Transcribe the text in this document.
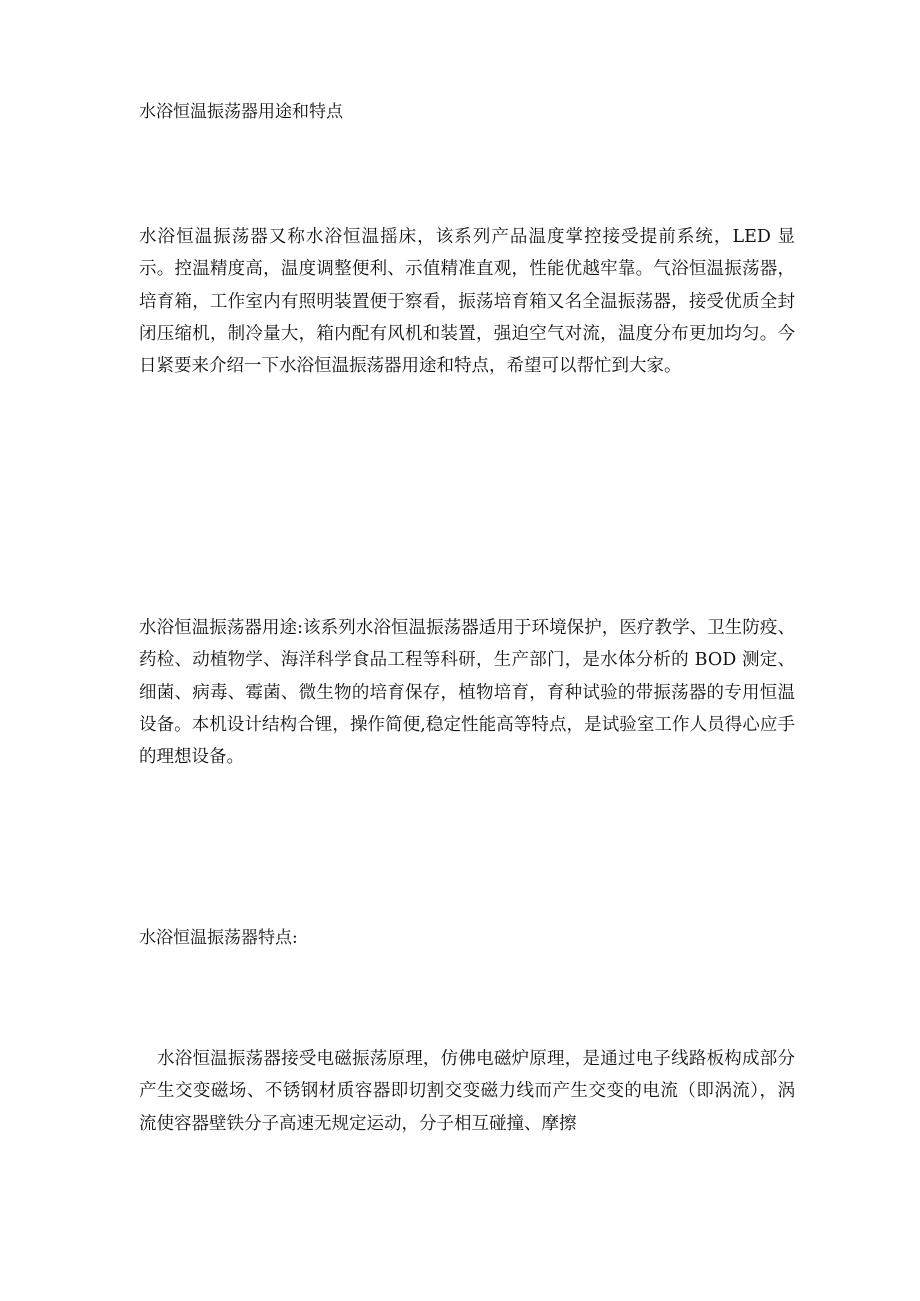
水浴恒温振荡器用途和特点

水浴恒温振荡器又称水浴恒温摇床，该系列产品温度掌控接受提前系统，LED 显示。控温精度高，温度调整便利、示值精准直观，性能优越牢靠。气浴恒温振荡器，培育箱，工作室内有照明装置便于察看，振荡培育箱又名全温振荡器，接受优质全封闭压缩机，制冷量大，箱内配有风机和装置，强迫空气对流，温度分布更加均匀。今日紧要来介绍一下水浴恒温振荡器用途和特点，希望可以帮忙到大家。

水浴恒温振荡器用途:该系列水浴恒温振荡器适用于环境保护，医疗教学、卫生防疫、药检、动植物学、海洋科学食品工程等科研，生产部门，是水体分析的 BOD 测定、细菌、病毒、霉菌、微生物的培育保存，植物培育，育种试验的带振荡器的专用恒温设备。本机设计结构合锂，操作简便,稳定性能高等特点，是试验室工作人员得心应手的理想设备。

水浴恒温振荡器特点:

水浴恒温振荡器接受电磁振荡原理，仿佛电磁炉原理，是通过电子线路板构成部分产生交变磁场、不锈钢材质容器即切割交变磁力线而产生交变的电流（即涡流），涡流使容器壁铁分子高速无规定运动，分子相互碰撞、摩擦
